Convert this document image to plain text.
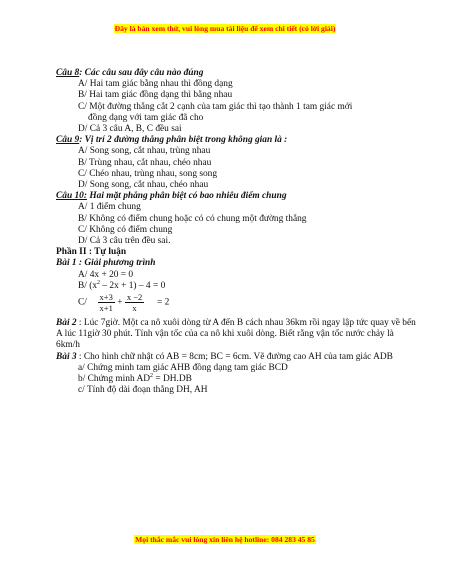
Đây là bản xem thử, vui lòng mua tài liệu để xem chi tiết (có lời giải)
Câu 8: Các câu sau đây câu nào đúng
A/ Hai tam giác bằng nhau thì đồng dạng
B/ Hai tam giác đồng dạng thì bằng nhau
C/ Một đường thẳng cắt 2 cạnh của tam giác thì tạo thành 1 tam giác mới
đồng dạng với tam giác đã cho
D/ Cả 3 câu A, B, C đều sai
Câu 9: Vị trí 2 đường thẳng phân biệt trong không gian là :
A/ Song song, cắt nhau, trùng nhau
B/ Trùng nhau, cắt nhau, chéo nhau
C/ Chéo nhau, trùng nhau, song song
D/ Song song, cắt nhau, chéo nhau
Câu 10: Hai mặt phẳng phân biệt có bao nhiêu điểm chung
A/ 1 điểm chung
B/ Không có điểm chung hoặc có có chung một đường thẳng
C/ Không có điểm chung
D/ Cả 3 câu trên đều sai.
Phần II : Tự luận
Bài 1 : Giải phương trình
A/ 4x + 20 = 0
B/ $(x^2 - 2x + 1) - 4 = 0$
$C/ \frac{x+3}{x+1} + \frac{x -2}{x} = 2$
Bài 2 : Lúc 7giờ. Một ca nô xuôi dòng từ A đến B cách nhau 36km rồi ngay lập tức quay về bến A lúc 11giờ 30 phút. Tính vận tốc của ca nô khi xuôi dòng. Biết rằng vận tốc nước chảy là 6km/h
Bài 3 : Cho hình chữ nhật có AB = 8cm; BC = 6cm. Vẽ đường cao AH của tam giác ADB
a/ Chứng minh tam giác AHB đồng dạng tam giác BCD
b/ Chứng minh $AD^2 = DH.DB$
c/ Tính độ dài đoạn thẳng DH, AH
Mọi thắc mắc vui lòng xin liên hệ hotline: 084 283 45 85
